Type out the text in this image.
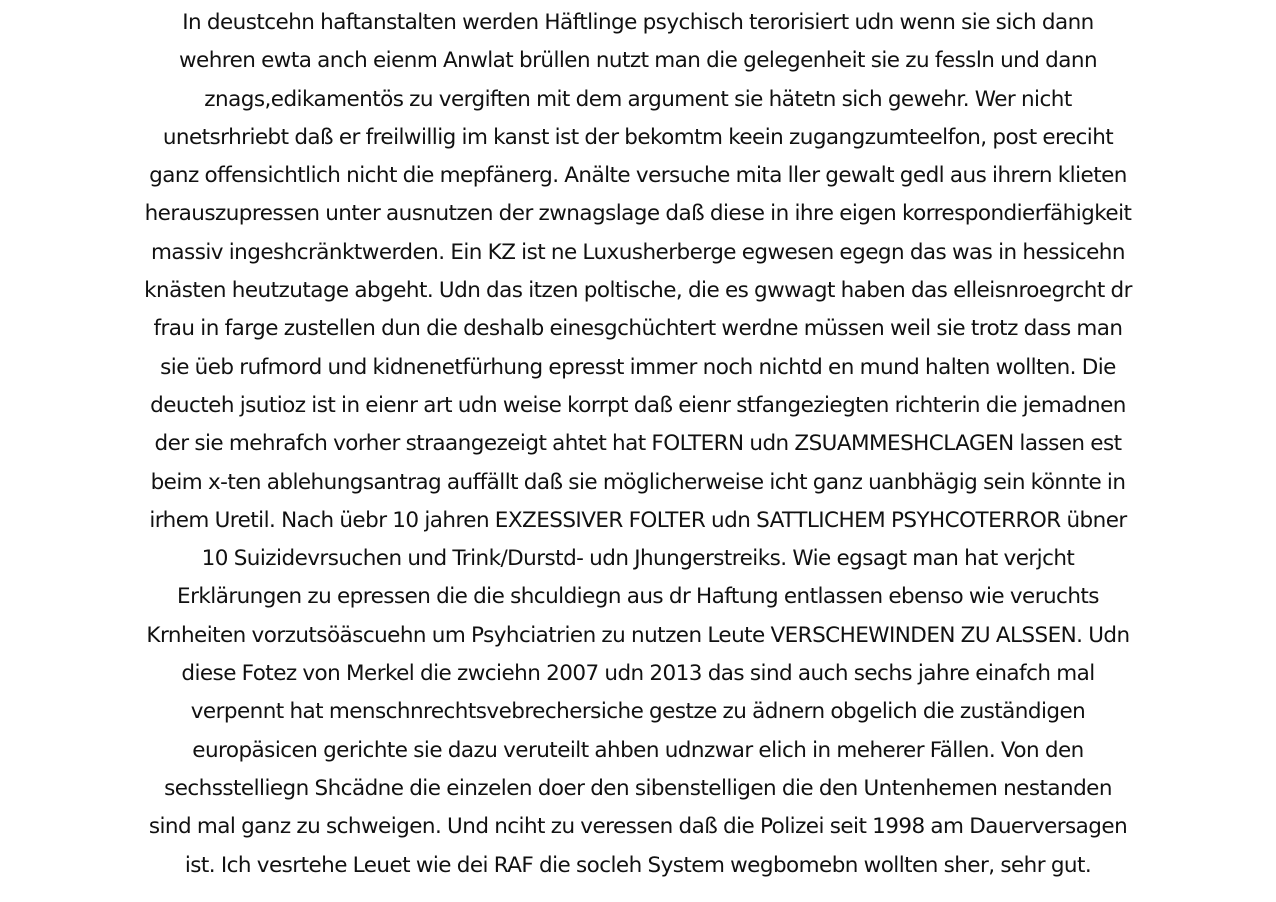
In deustcehn haftanstalten werden Häftlinge psychisch terorisiert udn wenn sie sich dann
wehren ewta anch eienm Anwlat brüllen nutzt man die gelegenheit sie zu fessln und dann
znags,edikamentös zu vergiften mit dem argument sie hätetn sich gewehr. Wer nicht
unetsrhriebt daß er freilwillig im kanst ist der bekomtm keein zugangzumteelfon, post ereciht
ganz offensichtlich nicht die mepfänerg. Anälte versuche mita ller gewalt gedl aus ihrern klieten
herauszupressen unter ausnutzen der zwnagslage daß diese in ihre eigen korrespondierfähigkeit
massiv ingeshcränktwerden. Ein KZ ist ne Luxusherberge egwesen egegn das was in hessicehn
knästen heutzutage abgeht. Udn das itzen poltische, die es gwwagt haben das elleisnroegrcht dr
frau in farge zustellen dun die deshalb einesgchüchtert werdne müssen weil sie trotz dass man
sie üeb rufmord und kidnenetfürhung epresst immer noch nichtd en mund halten wollten. Die
deucteh jsutioz ist in eienr art udn weise korrpt daß eienr stfangeziegten richterin die jemadnen
der sie mehrafch vorher straangezeigt ahtet hat FOLTERN udn ZSUAMMESHCLAGEN lassen est
beim x-ten ablehungsantrag auffällt daß sie möglicherweise icht ganz uanbhägig sein könnte in
irhem Uretil. Nach üebr 10 jahren EXZESSIVER FOLTER udn SATTLICHEM PSYHCOTERROR übner
10 Suizidevrsuchen und Trink/Durstd- udn Jhungerstreiks. Wie egsagt man hat verjcht
Erklärungen zu epressen die die shculdiegn aus dr Haftung entlassen ebenso wie veruchts
Krnheiten vorzutsöäscuehn um Psyhciatrien zu nutzen Leute VERSCHEWINDEN ZU ALSSEN. Udn
diese Fotez von Merkel die zwciehn 2007 udn 2013 das sind auch sechs jahre einafch mal
verpennt hat menschnrechtsvebrechersiche gestze zu ädnern obgelich die zuständigen
europäsicen gerichte sie dazu veruteilt ahben udnzwar elich in meherer Fällen. Von den
sechsstelliegn Shcädne die einzelen doer den sibenstelligen die den Untenhemen nestanden
sind mal ganz zu schweigen. Und nciht zu veressen daß die Polizei seit 1998 am Dauerversagen
ist. Ich vesrtehe Leuet wie dei RAF die socleh System wegbomebn wollten sher, sehr gut.
